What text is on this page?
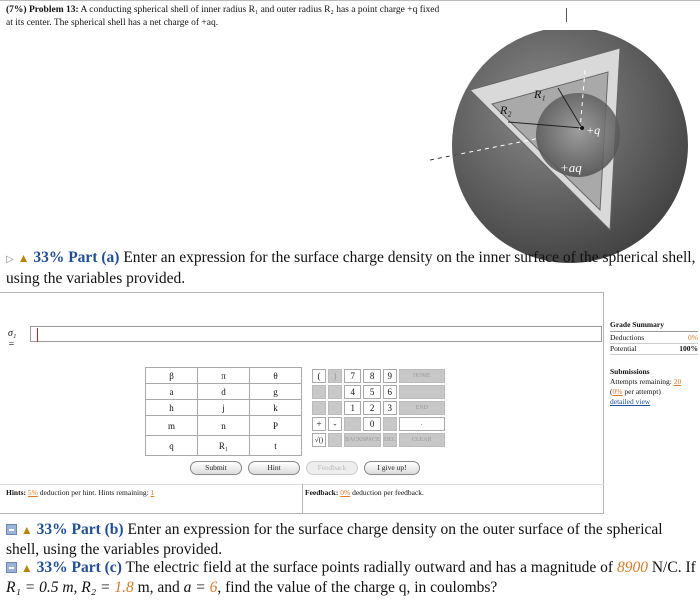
(7%) Problem 13: A conducting spherical shell of inner radius R₁ and outer radius R₂ has a point charge +q fixed at its center. The spherical shell has a net charge of +aq.
R₁
R₂
+q
+aq
▷ ▲ 33% Part (a) Enter an expression for the surface charge density on the inner surface of the spherical shell, using the variables provided.
σ₁ =
Grade Summary
Deductions	0%
Potential	100%
Submissions
Attempts remaining: 20
(0% per attempt)
detailed view
β	π	θ
a	d	g
h	j	k
m	n	P
q	R₁	t
(	)	7	8	9	HOME
		4	5	6	
		1	2	3	END
+	-		0		.
√()		BACKSPACE		DEL	CLEAR
Submit	Hint	Feedback	I give up!
Hints: 5% deduction per hint. Hints remaining: 1	Feedback: 0% deduction per feedback.
▲ 33% Part (b) Enter an expression for the surface charge density on the outer surface of the spherical shell, using the variables provided.
▲ 33% Part (c) The electric field at the surface points radially outward and has a magnitude of 8900 N/C. If R₁ = 0.5 m, R₂ = 1.8 m, and a = 6, find the value of the charge q, in coulombs?
